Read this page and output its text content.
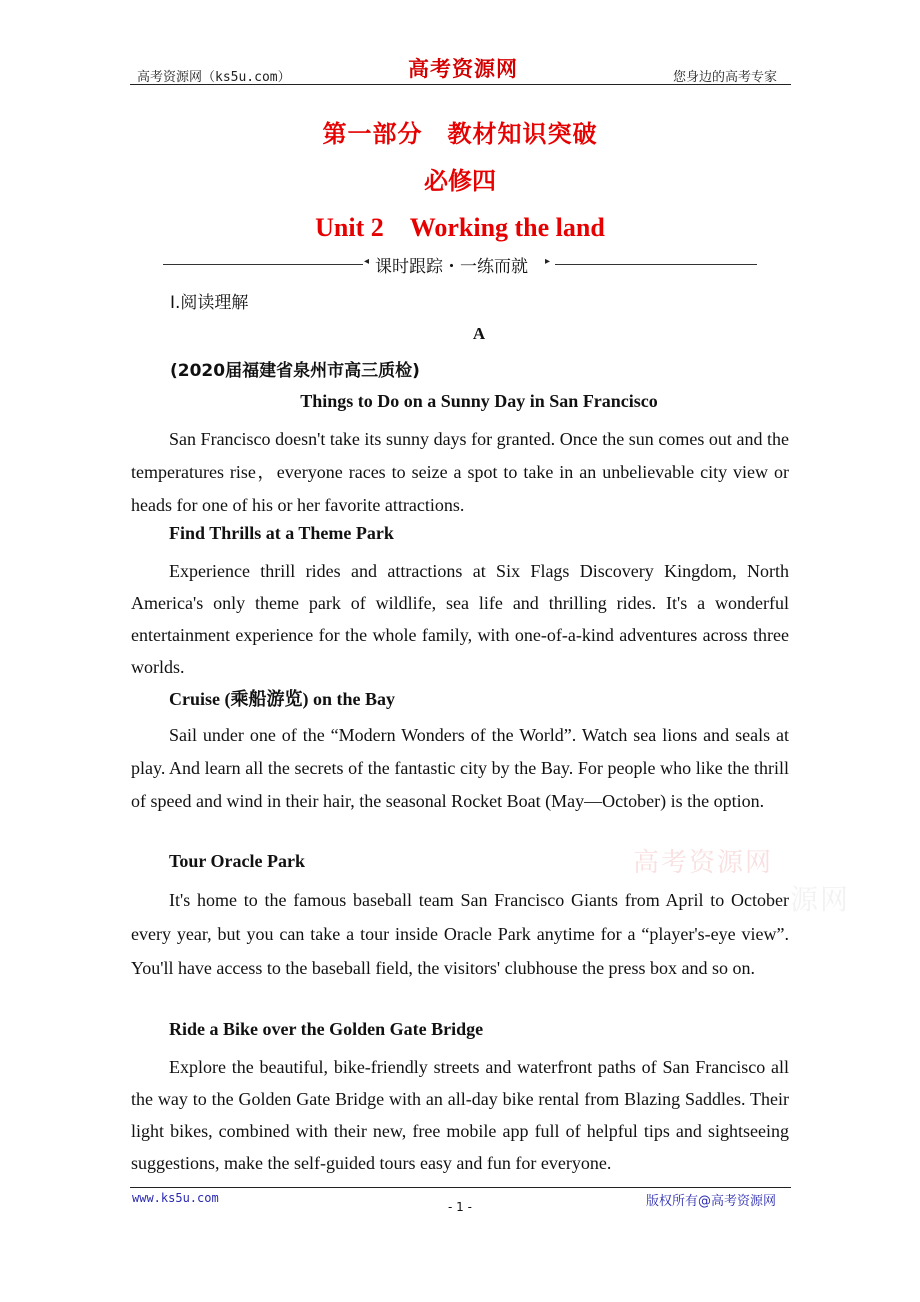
高考资源网（ks5u.com）	高考资源网	您身边的高考专家
第一部分　教材知识突破
必修四
Unit 2　Working the land
◂ 课时跟踪・一练而就 ▸
Ⅰ.阅读理解
A
(2020届福建省泉州市高三质检)
Things to Do on a Sunny Day in San Francisco

San Francisco doesn't take its sunny days for granted. Once the sun comes out and the temperatures rise，everyone races to seize a spot to take in an unbelievable city view or heads for one of his or her favorite attractions.

Find Thrills at a Theme Park

Experience thrill rides and attractions at Six Flags Discovery Kingdom, North America's only theme park of wildlife, sea life and thrilling rides. It's a wonderful entertainment experience for the whole family, with one-of-a-kind adventures across three worlds.

Cruise (乘船游览) on the Bay

Sail under one of the “Modern Wonders of the World”. Watch sea lions and seals at play. And learn all the secrets of the fantastic city by the Bay. For people who like the thrill of speed and wind in their hair, the seasonal Rocket Boat (May—October) is the option.

Tour Oracle Park

It's home to the famous baseball team San Francisco Giants from April to October every year, but you can take a tour inside Oracle Park anytime for a “player's-eye view”. You'll have access to the baseball field, the visitors' clubhouse the press box and so on.

Ride a Bike over the Golden Gate Bridge

Explore the beautiful, bike-friendly streets and waterfront paths of San Francisco all the way to the Golden Gate Bridge with an all-day bike rental from Blazing Saddles. Their light bikes, combined with their new, free mobile app full of helpful tips and sightseeing suggestions, make the self-guided tours easy and fun for everyone.

高考资源网
源网
www.ks5u.com
- 1 -	版权所有@高考资源网
